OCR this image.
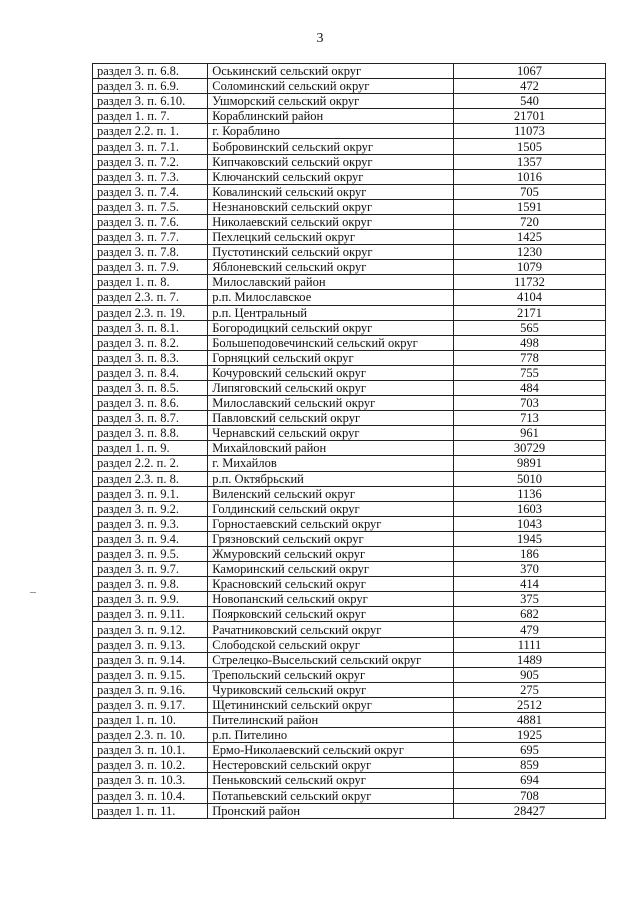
3
раздел 3. п. 6.8.	Оськинский сельский округ	1067
раздел 3. п. 6.9.	Соломинский сельский округ	472
раздел 3. п. 6.10.	Ушморский сельский округ	540
раздел 1. п. 7.	Кораблинский район	21701
раздел 2.2. п. 1.	г. Кораблино	11073
раздел 3. п. 7.1.	Бобровинский сельский округ	1505
раздел 3. п. 7.2.	Кипчаковский сельский округ	1357
раздел 3. п. 7.3.	Ключанский сельский округ	1016
раздел 3. п. 7.4.	Ковалинский сельский округ	705
раздел 3. п. 7.5.	Незнановский сельский округ	1591
раздел 3. п. 7.6.	Николаевский сельский округ	720
раздел 3. п. 7.7.	Пехлецкий сельский округ	1425
раздел 3. п. 7.8.	Пустотинский сельский округ	1230
раздел 3. п. 7.9.	Яблоневский сельский округ	1079
раздел 1. п. 8.	Милославский район	11732
раздел 2.3. п. 7.	р.п. Милославское	4104
раздел 2.3. п. 19.	р.п. Центральный	2171
раздел 3. п. 8.1.	Богородицкий сельский округ	565
раздел 3. п. 8.2.	Большеподовечинский сельский округ	498
раздел 3. п. 8.3.	Горняцкий сельский округ	778
раздел 3. п. 8.4.	Кочуровский сельский округ	755
раздел 3. п. 8.5.	Липяговский сельский округ	484
раздел 3. п. 8.6.	Милославский сельский округ	703
раздел 3. п. 8.7.	Павловский сельский округ	713
раздел 3. п. 8.8.	Чернавский сельский округ	961
раздел 1. п. 9.	Михайловский район	30729
раздел 2.2. п. 2.	г. Михайлов	9891
раздел 2.3. п. 8.	р.п. Октябрьский	5010
раздел 3. п. 9.1.	Виленский сельский округ	1136
раздел 3. п. 9.2.	Голдинский сельский округ	1603
раздел 3. п. 9.3.	Горностаевский сельский округ	1043
раздел 3. п. 9.4.	Грязновский сельский округ	1945
раздел 3. п. 9.5.	Жмуровский сельский округ	186
раздел 3. п. 9.7.	Каморинский сельский округ	370
раздел 3. п. 9.8.	Красновский сельский округ	414
раздел 3. п. 9.9.	Новопанский сельский округ	375
раздел 3. п. 9.11.	Поярковский сельский округ	682
раздел 3. п. 9.12.	Рачатниковский сельский округ	479
раздел 3. п. 9.13.	Слободской сельский округ	1111
раздел 3. п. 9.14.	Стрелецко-Высельский сельский округ	1489
раздел 3. п. 9.15.	Трепольский сельский округ	905
раздел 3. п. 9.16.	Чуриковский сельский округ	275
раздел 3. п. 9.17.	Щетининский сельский округ	2512
раздел 1. п. 10.	Пителинский район	4881
раздел 2.3. п. 10.	р.п. Пителино	1925
раздел 3. п. 10.1.	Ермо-Николаевский сельский округ	695
раздел 3. п. 10.2.	Нестеровский сельский округ	859
раздел 3. п. 10.3.	Пеньковский сельский округ	694
раздел 3. п. 10.4.	Потапьевский сельский округ	708
раздел 1. п. 11.	Пронский район	28427
